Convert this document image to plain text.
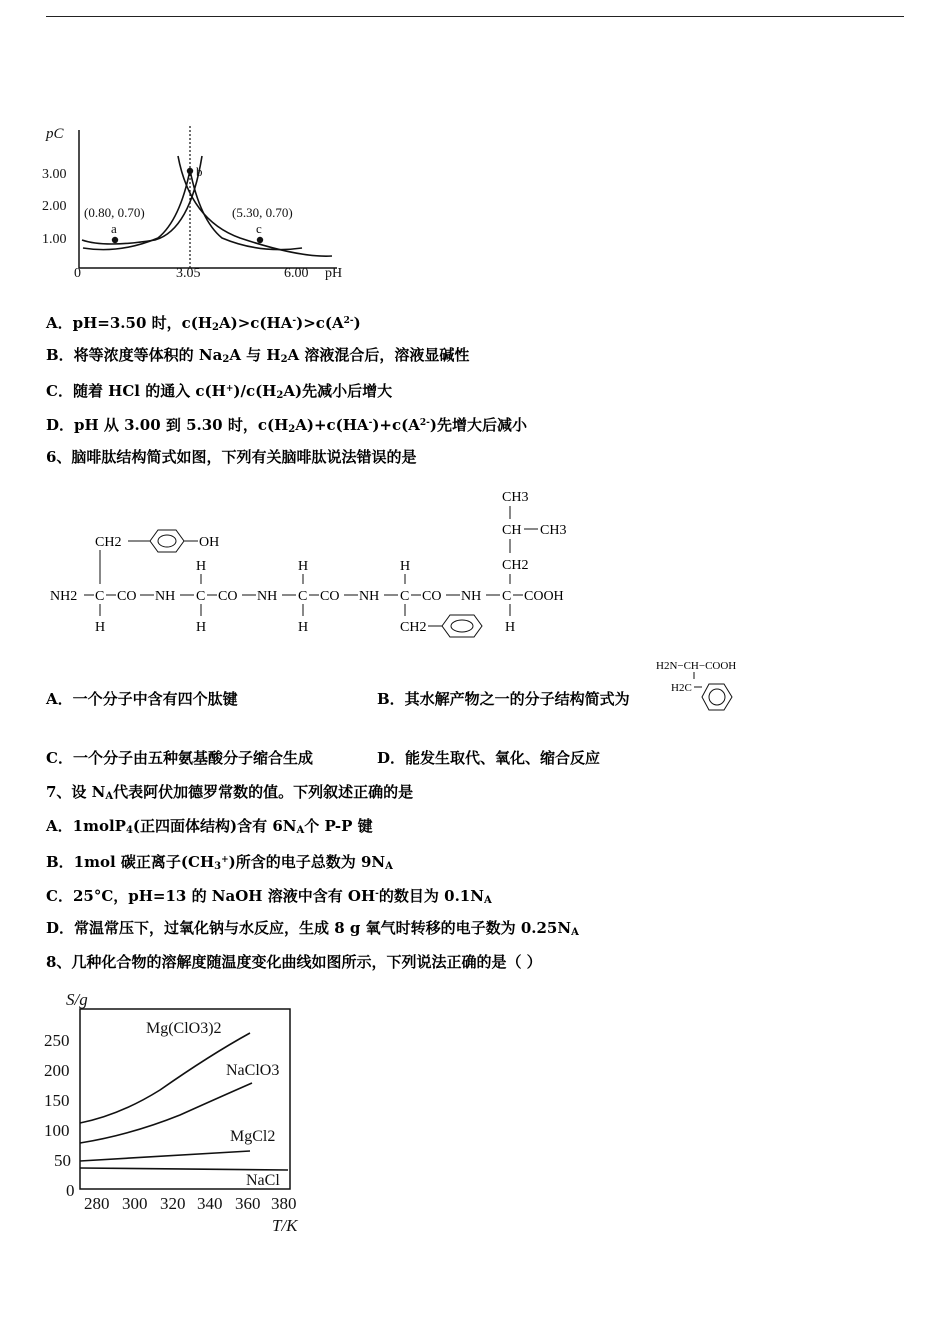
pC
pH
3.00
2.00
1.00
0	3.05	6.00
a
b
c
(0.80, 0.70)	(5.30, 0.70)
A．pH=3.50 时，$c(H_2A)>c(HA^-)>c(A^{2-})$
B．将等浓度等体积的 $Na_2A$ 与 $H_2A$ 溶液混合后，溶液显碱性
C．随着 HCl 的通入 $c(H^+)/c(H_2A)$先减小后增大
D．pH 从 3.00 到 5.30 时，$c(H_2A)+c(HA^-)+c(A^{2-})$先增大后减小
6、脑啡肽结构简式如图，下列有关脑啡肽说法错误的是
NH2 C CO NH C CO NH C CO NH C CO NH C COOH
CH2	OH
H
H
H
H
H
H
CH2
CH3
CH CH3
CH2
H
A．一个分子中含有四个肽键	B．其水解产物之一的分子结构简式为
H2N−CH−COOH
H2C
C．一个分子由五种氨基酸分子缩合生成	D．能发生取代、氧化、缩合反应
7、设 $N_A$代表阿伏加德罗常数的值。下列叙述正确的是
A．1molP$_4$(正四面体结构)含有 $6N_A$个 P-P 键
B．1mol 碳正离子$(CH_3^+)$所含的电子总数为 $9N_A$
C．25°C，pH=13 的 NaOH 溶液中含有 OH-的数目为 $0.1N_A$
D．常温常压下，过氧化钠与水反应，生成 8 g 氧气时转移的电子数为 $0.25N_A$
8、几种化合物的溶解度随温度变化曲线如图所示，下列说法正确的是（ ）
S/g
T/K
250
200
150
100
50
0
280 300 320 340 360 380
Mg(ClO3)2
NaClO3
MgCl2
NaCl
